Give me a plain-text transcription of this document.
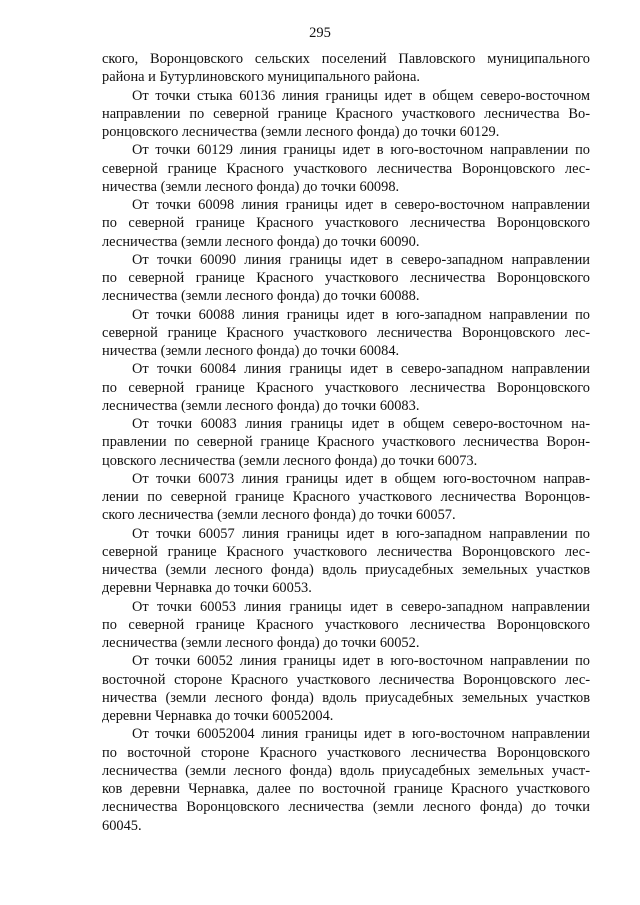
295
ского, Воронцовского сельских поселений Павловского муниципального
района и Бутурлиновского муниципального района.
От точки стыка 60136 линия границы идет в общем северо-восточном
направлении по северной границе Красного участкового лесничества Во-
ронцовского лесничества (земли лесного фонда) до точки 60129.
От точки 60129 линия границы идет в юго-восточном направлении по
северной границе Красного участкового лесничества Воронцовского лес-
ничества (земли лесного фонда) до точки 60098.
От точки 60098 линия границы идет в северо-восточном направлении
по северной границе Красного участкового лесничества Воронцовского
лесничества (земли лесного фонда) до точки 60090.
От точки 60090 линия границы идет в северо-западном направлении
по северной границе Красного участкового лесничества Воронцовского
лесничества (земли лесного фонда) до точки 60088.
От точки 60088 линия границы идет в юго-западном направлении по
северной границе Красного участкового лесничества Воронцовского лес-
ничества (земли лесного фонда) до точки 60084.
От точки 60084 линия границы идет в северо-западном направлении
по северной границе Красного участкового лесничества Воронцовского
лесничества (земли лесного фонда) до точки 60083.
От точки 60083 линия границы идет в общем северо-восточном на-
правлении по северной границе Красного участкового лесничества Ворон-
цовского лесничества (земли лесного фонда) до точки 60073.
От точки 60073 линия границы идет в общем юго-восточном направ-
лении по северной границе Красного участкового лесничества Воронцов-
ского лесничества (земли лесного фонда) до точки 60057.
От точки 60057 линия границы идет в юго-западном направлении по
северной границе Красного участкового лесничества Воронцовского лес-
ничества (земли лесного фонда) вдоль приусадебных земельных участков
деревни Чернавка до точки 60053.
От точки 60053 линия границы идет в северо-западном направлении
по северной границе Красного участкового лесничества Воронцовского
лесничества (земли лесного фонда) до точки 60052.
От точки 60052 линия границы идет в юго-восточном направлении по
восточной стороне Красного участкового лесничества Воронцовского лес-
ничества (земли лесного фонда) вдоль приусадебных земельных участков
деревни Чернавка до точки 60052004.
От точки 60052004 линия границы идет в юго-восточном направлении
по восточной стороне Красного участкового лесничества Воронцовского
лесничества (земли лесного фонда) вдоль приусадебных земельных участ-
ков деревни Чернавка, далее по восточной границе Красного участкового
лесничества Воронцовского лесничества (земли лесного фонда) до точки
60045.
